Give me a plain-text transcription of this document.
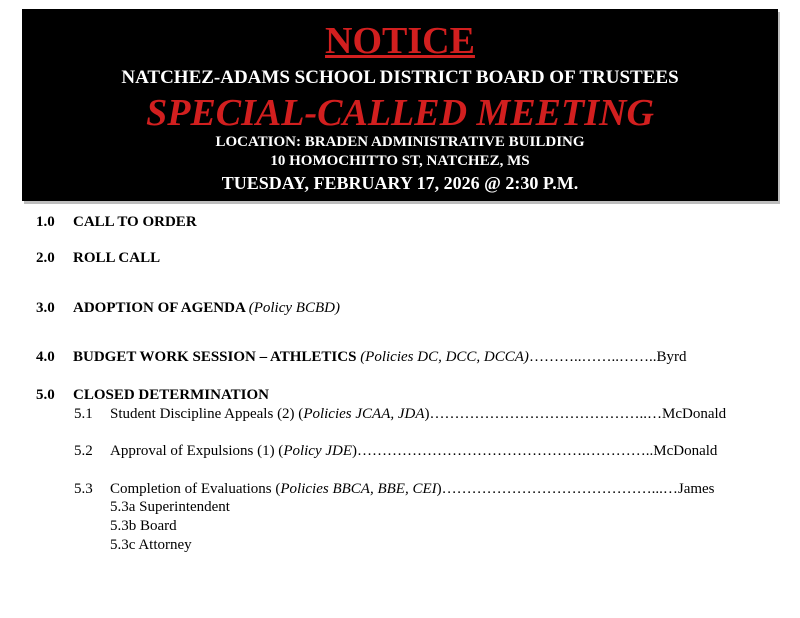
NOTICE
NATCHEZ-ADAMS SCHOOL DISTRICT BOARD OF TRUSTEES
SPECIAL-CALLED MEETING
LOCATION: BRADEN ADMINISTRATIVE BUILDING
10 HOMOCHITTO ST, NATCHEZ, MS
TUESDAY, FEBRUARY 17, 2026 @ 2:30 P.M.
1.0 CALL TO ORDER
2.0 ROLL CALL
3.0 ADOPTION OF AGENDA (Policy BCBD)
4.0 BUDGET WORK SESSION – ATHLETICS (Policies DC, DCC, DCCA)………..……..……..Byrd
5.0 CLOSED DETERMINATION
5.1 Student Discipline Appeals (2) (Policies JCAA, JDA)……………………………………..…McDonald
5.2 Approval of Expulsions (1) (Policy JDE)……………………………………….…………..McDonald
5.3 Completion of Evaluations (Policies BBCA, BBE, CEI)……………………………………...…James
5.3a Superintendent
5.3b Board
5.3c Attorney
